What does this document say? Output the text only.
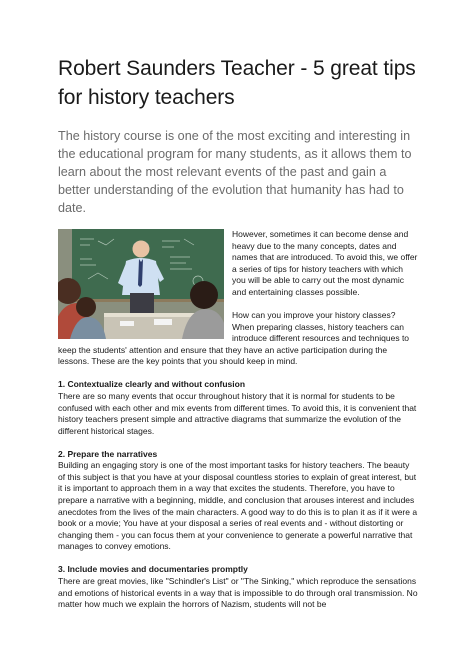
Robert Saunders Teacher - 5 great tips for history teachers

The history course is one of the most exciting and interesting in the educational program for many students, as it allows them to learn about the most relevant events of the past and gain a better understanding of the evolution that humanity has had to date.

However, sometimes it can become dense and heavy due to the many concepts, dates and names that are introduced. To avoid this, we offer a series of tips for history teachers with which you will be able to carry out the most dynamic and entertaining classes possible.

How can you improve your history classes? When preparing classes, history teachers can introduce different resources and techniques to keep the students' attention and ensure that they have an active participation during the lessons. These are the key points that you should keep in mind.

1. Contextualize clearly and without confusion

There are so many events that occur throughout history that it is normal for students to be confused with each other and mix events from different times. To avoid this, it is convenient that history teachers present simple and attractive diagrams that summarize the evolution of the different historical stages.

2. Prepare the narratives

Building an engaging story is one of the most important tasks for history teachers. The beauty of this subject is that you have at your disposal countless stories to explain of great interest, but it is important to approach them in a way that excites the students. Therefore, you have to prepare a narrative with a beginning, middle, and conclusion that arouses interest and includes anecdotes from the lives of the main characters. A good way to do this is to plan it as if it were a book or a movie; You have at your disposal a series of real events and - without distorting or changing them - you can focus them at your convenience to generate a powerful narrative that manages to convey emotions.

3. Include movies and documentaries promptly

There are great movies, like "Schindler's List" or "The Sinking," which reproduce the sensations and emotions of historical events in a way that is impossible to do through oral transmission. No matter how much we explain the horrors of Nazism, students will not be
